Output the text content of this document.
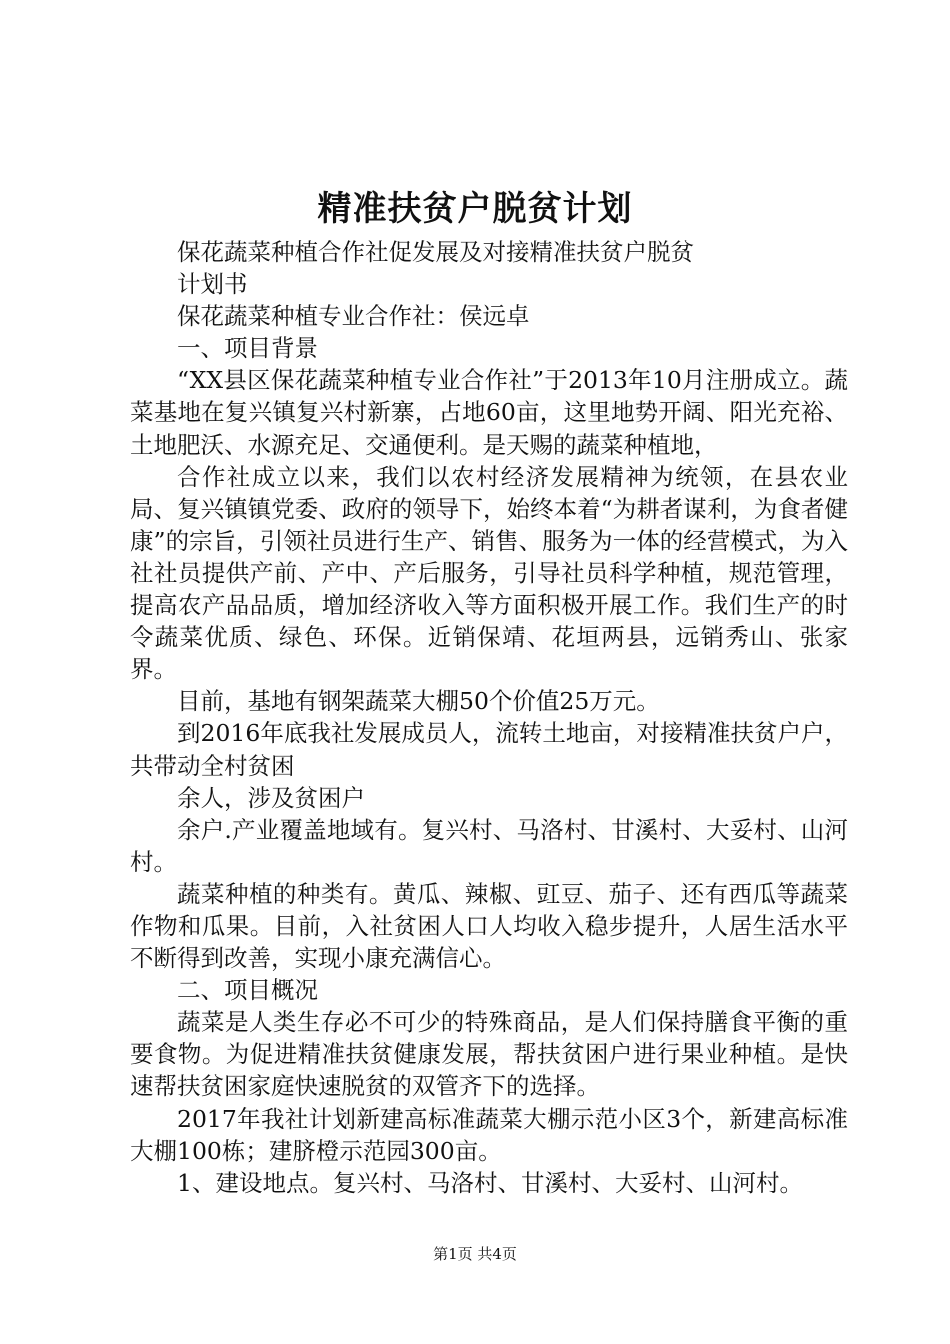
精准扶贫户脱贫计划

保花蔬菜种植合作社促发展及对接精准扶贫户脱贫

计划书

保花蔬菜种植专业合作社：侯远卓

一、项目背景

“XX县区保花蔬菜种植专业合作社”于2013年10月注册成立。蔬菜基地在复兴镇复兴村新寨，占地60亩，这里地势开阔、阳光充裕、土地肥沃、水源充足、交通便利。是天赐的蔬菜种植地，

合作社成立以来，我们以农村经济发展精神为统领，在县农业局、复兴镇镇党委、政府的领导下，始终本着“为耕者谋利，为食者健康”的宗旨，引领社员进行生产、销售、服务为一体的经营模式，为入社社员提供产前、产中、产后服务，引导社员科学种植，规范管理，提高农产品品质，增加经济收入等方面积极开展工作。我们生产的时令蔬菜优质、绿色、环保。近销保靖、花垣两县，远销秀山、张家界。

目前，基地有钢架蔬菜大棚50个价值25万元。

到2016年底我社发展成员人，流转土地亩，对接精准扶贫户户，共带动全村贫困

余人，涉及贫困户

余户.产业覆盖地域有。复兴村、马洛村、甘溪村、大妥村、山河村。

蔬菜种植的种类有。黄瓜、辣椒、豇豆、茄子、还有西瓜等蔬菜作物和瓜果。目前，入社贫困人口人均收入稳步提升，人居生活水平不断得到改善，实现小康充满信心。

二、项目概况

蔬菜是人类生存必不可少的特殊商品，是人们保持膳食平衡的重要食物。为促进精准扶贫健康发展，帮扶贫困户进行果业种植。是快速帮扶贫困家庭快速脱贫的双管齐下的选择。

2017年我社计划新建高标准蔬菜大棚示范小区3个，新建高标准大棚100栋；建脐橙示范园300亩。

1、建设地点。复兴村、马洛村、甘溪村、大妥村、山河村。

第1页 共4页
